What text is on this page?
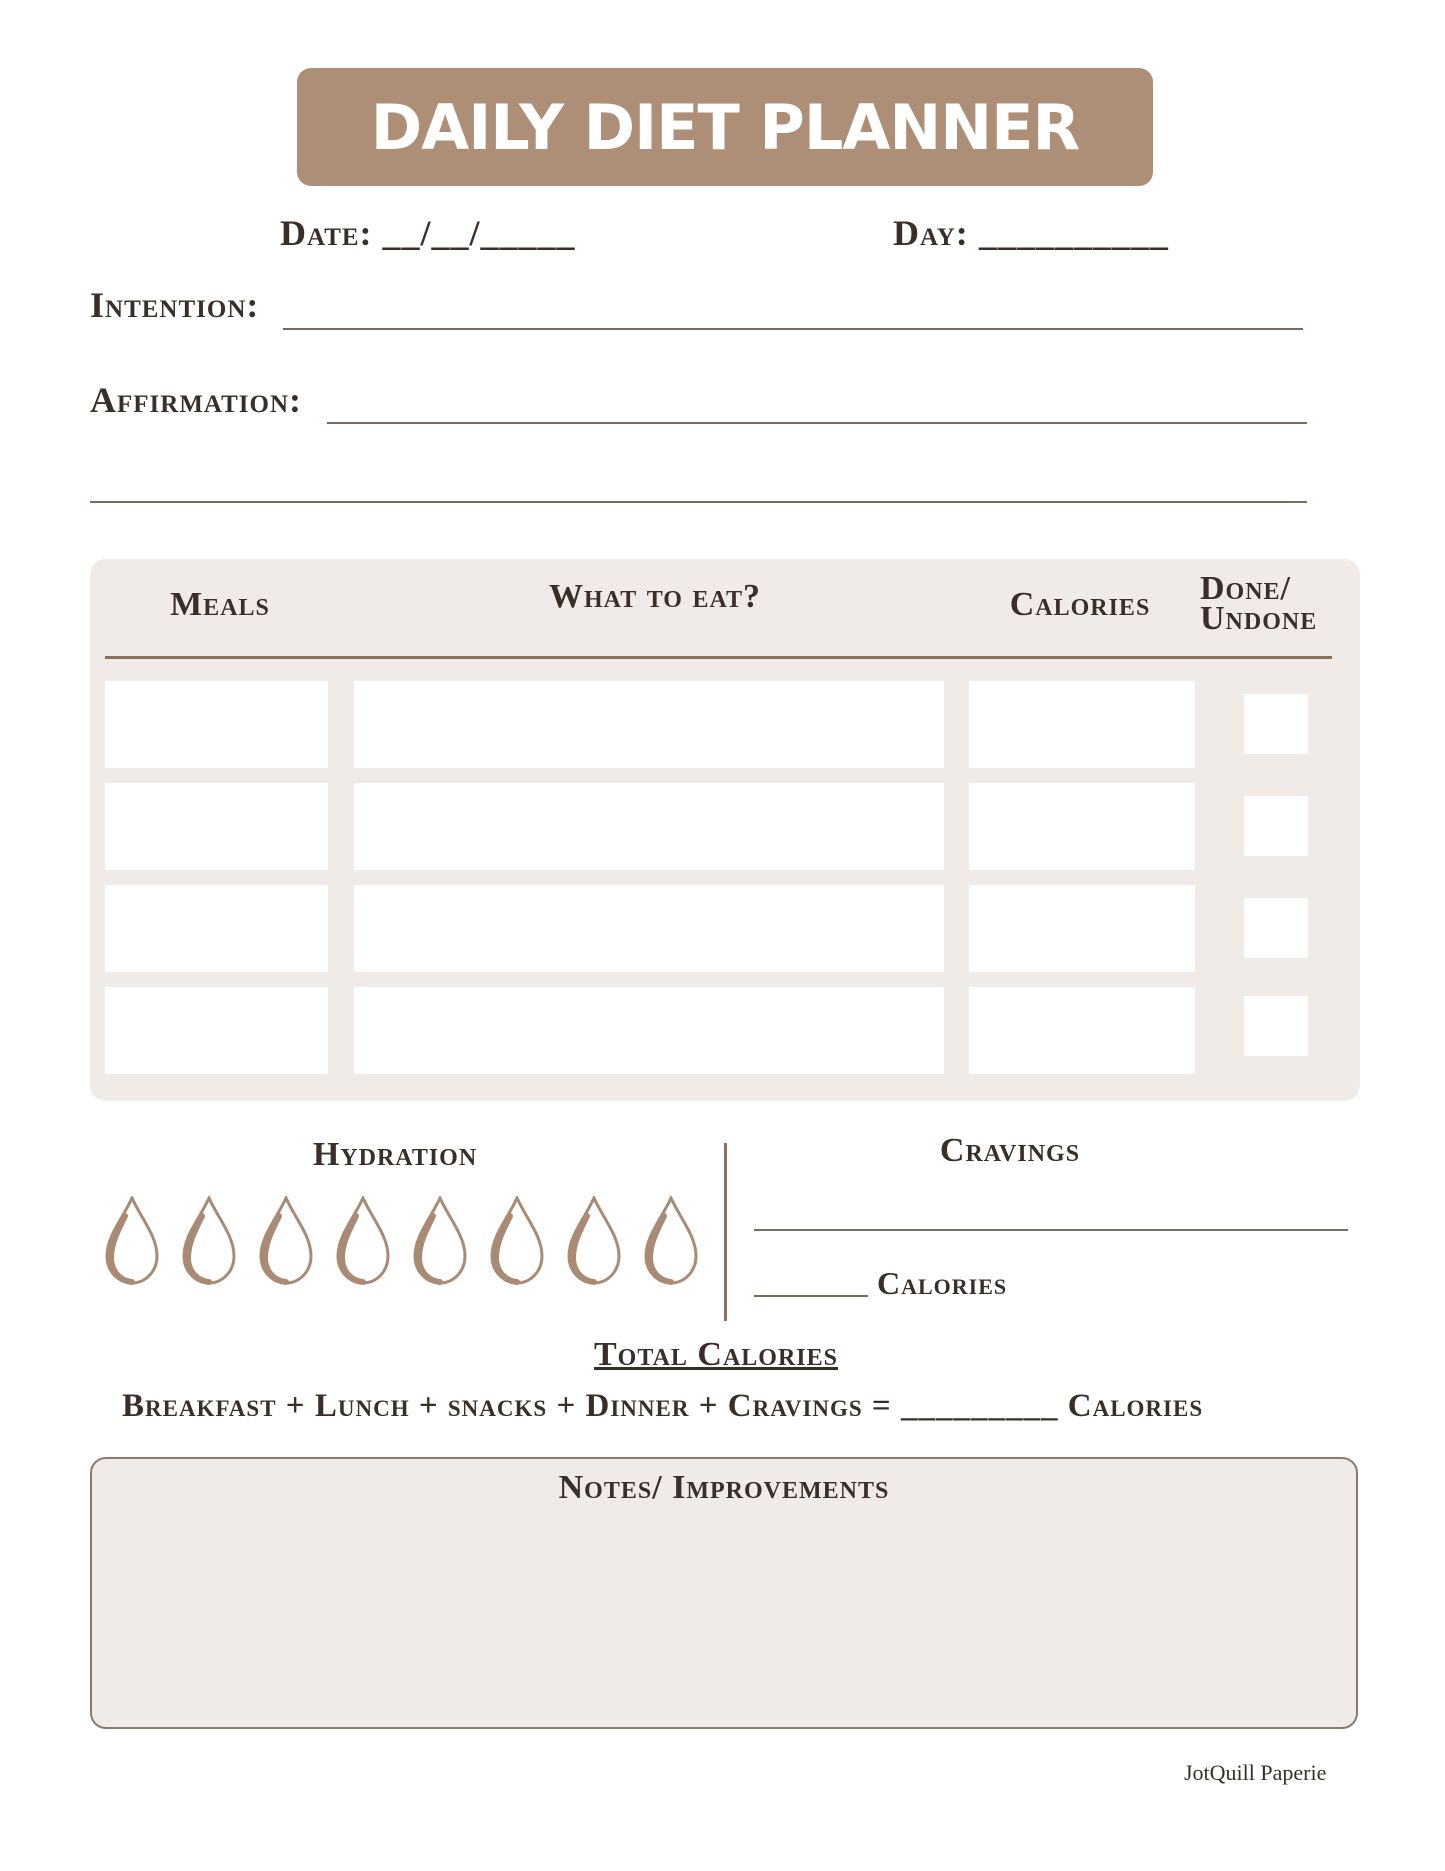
DAILY DIET PLANNER
Date: __/__/_____	Day: __________
Intention:
Affirmation:
Meals	What to eat?	Calories	Done/
Undone
Hydration	Cravings
Calories
Total Calories
Breakfast + Lunch + snacks + Dinner + Cravings = _________ Calories
Notes/ Improvements
JotQuill Paperie
